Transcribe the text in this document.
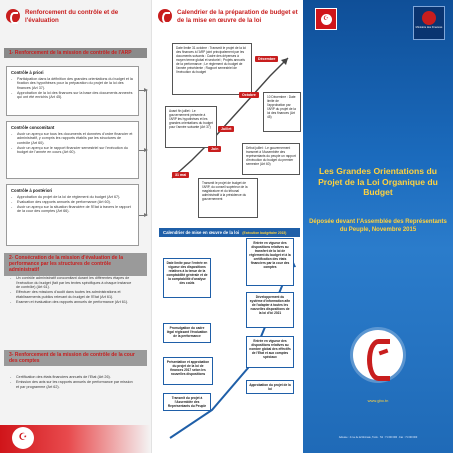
Renforcement du contrôle et de l'évaluation
1- Renforcement de la mission de contrôle de l'ARP
Contrôle à priori
- Participation dans la définition des grandes orientations du budget et la fixation des hypothèses pour la préparation du projet de la loi des finances (Art 37).
- Approbation de la loi des finances sur la base des documents annexés qui ont été enrichis (Art 45).
Contrôle concomitant
- Avoir un aperçu sur tous les documents et données d'ordre financier et administratif, y compris les rapports établis par les structures de contrôle (Art 60).
- Avoir un aperçu sur le rapport financier semestriel sur l'exécution du budget de l'année en cours (Art 60).
Contrôle à postériori
- Approbation du projet de la loi de règlement du budget (Art 67).
- Evaluation des rapports annuels de performance (Art 60).
- Avoir un aperçu sur la situation financière de l'Etat à travers le rapport de la cour des comptes (Art 66).
2- Consécration de la mission d'évaluation de la performance par les structures de contrôle administratif
- Un contrôle administratif concomitant durant les différentes étapes de l'exécution du budget (fait par les textes spécifiques à chaque instance de contrôle) (Art 61).
- Effectuer des missions d'audit dans toutes les administrations et établissements publics relevant du budget de l'Etat (Art 61).
- Examen et évaluation des rapports annuels de performance (Art 61).
3- Renforcement de la mission de contrôle de la cour des comptes
- Certification des états financiers annuels de l'Etat (Art 26).
- Emission des avis sur les rapports annuels de performance par mission et par programme (Art 62).
☪
Calendrier de la préparation de budget et de la mise en œuvre de la loi
Date limite 31 octobre : Transmit le projet de la loi des finances à l'ARP joint principalement par les documents suivants : Cadre des dépenses à moyen terme global et sectoriel ; Projets annuels de la performance ; Le règlement du budget de l'année précédente ; Rapport semestriel de l'exécution du budget
Décembre
10 Décembre : Date limite de l'approbation par l'ARP du projet de la loi des finances (Art 45)
Octobre
Avant fin juillet : Le gouvernement présente à l'ARP les hypothèses et les grandes orientations du budget pour l'année suivante (Art 37)	Juillet
Début juillet : Le gouvernement transmet à l'Assemblée des représentants du peuple un rapport d'exécution du budget du premier semestre (Art 60)
Juin
31 mai
Transmit le projet de budget de l'ARP, du conseil supérieur de la magistrature et du tribunal administratif à la présidence du gouvernement
Calendrier de mise en œuvre de la loi (Exécution budgétaire 2015)
Date limite pour l'entrée en vigueur des dispositions relatives à la tenue de la comptabilité générale et de la comptabilité d'analyse des coûts
Promulgation du cadre légal régissant l'évaluation de la performance
Présentation et approbation du projet de la loi de finances 2017 selon les nouvelles dispositions
Transmit du projet à l'Assemblée des Représentants du Peuple
Entrée en vigueur des dispositions relatives au transfert de la loi de règlement du budget et à la certification des états financiers par la cour des comptes
Développement du système d'information afin de l'adapter à toutes les nouvelles dispositions de la loi d'ici 2021
Entrée en vigueur des dispositions relatives au nombre global des effectifs de l'Etat et aux comptes spéciaux
Approbation du projet de la loi
☪
Ministère des Finances
Les Grandes Orientations du Projet de la Loi Organique du Budget
Déposée devant l'Assemblée des Représentants du Peuple, Novembre 2015
www.gbo.tn
Adresse : 4 rue de la Monnaie, Tunis · Tél : 71 000 000 · Fax : 71 000 000
